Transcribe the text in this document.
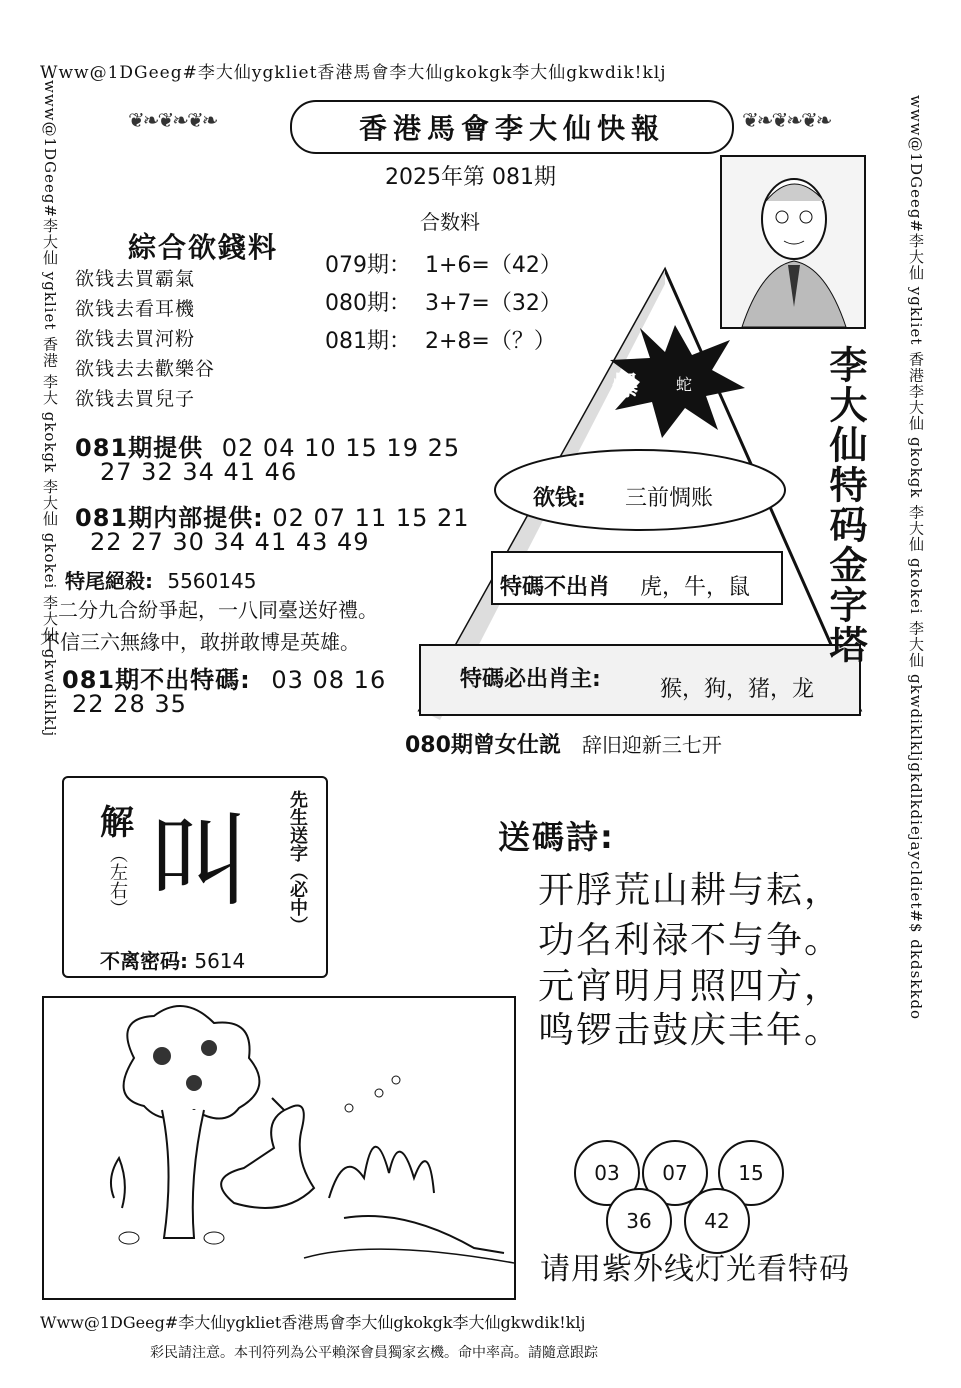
Www@1DGeeg#李大仙ygkliet香港馬會李大仙gkokgk李大仙gkwdik!klj
www@1DGeeg#李大仙 ygkliet 香港 李大 gkokgk 李大仙 gkokei 李大仙 gkwdiklklj	www@1DGeeg#李大仙 ygkliet 香港李大仙 gkokgk 李大仙 gkokei 李大仙 gkwdiklkljgkdlkdiejaycldiet#$ dkdskkdo
Www@1DGeeg#李大仙ygkliet香港馬會李大仙gkokgk李大仙gkwdik!klj
彩民請注意。本刊符列為公平賴深會員獨家玄機。命中率高。請隨意跟踪
❦❧❦❧❦❧	香港馬會李大仙快報	❦❧❦❧❦❧
2025年第 081期
合数料
079期：  1+6=（42）
080期：  3+7=（32）
081期：  2+8=（？）
綜合欲錢料
欲钱去買霸氣
欲钱去看耳機
欲钱去買河粉
欲钱去去歡樂谷
欲钱去買兒子	爆 蛇
欲钱: 三前惆账
特碼不出肖 虎，牛，鼠
特碼必出肖主:	猴，狗，猪，龙
李大仙特码金字塔
081期提供 02 04 10 15 19 25
27 32 34 41 46
081期内部提供: 02 07 11 15 21
22 27 30 34 41 43 49
特尾絕殺: 5560145
二分九合紛爭起，一八同臺送好禮。
不信三六無緣中，敢拼敢博是英雄。
081期不出特碼: 03 08 16
22 28 35
080期曾女仕説 辞旧迎新三七开
解
（左右） 叫 先生送字（必中）
不离密码: 5614
送碼詩:
开脬荒山耕与耘，
功名利禄不与争。
元宵明月照四方，
鸣锣击鼓庆丰年。
03	07	15
36	42
请用紫外线灯光看特码
